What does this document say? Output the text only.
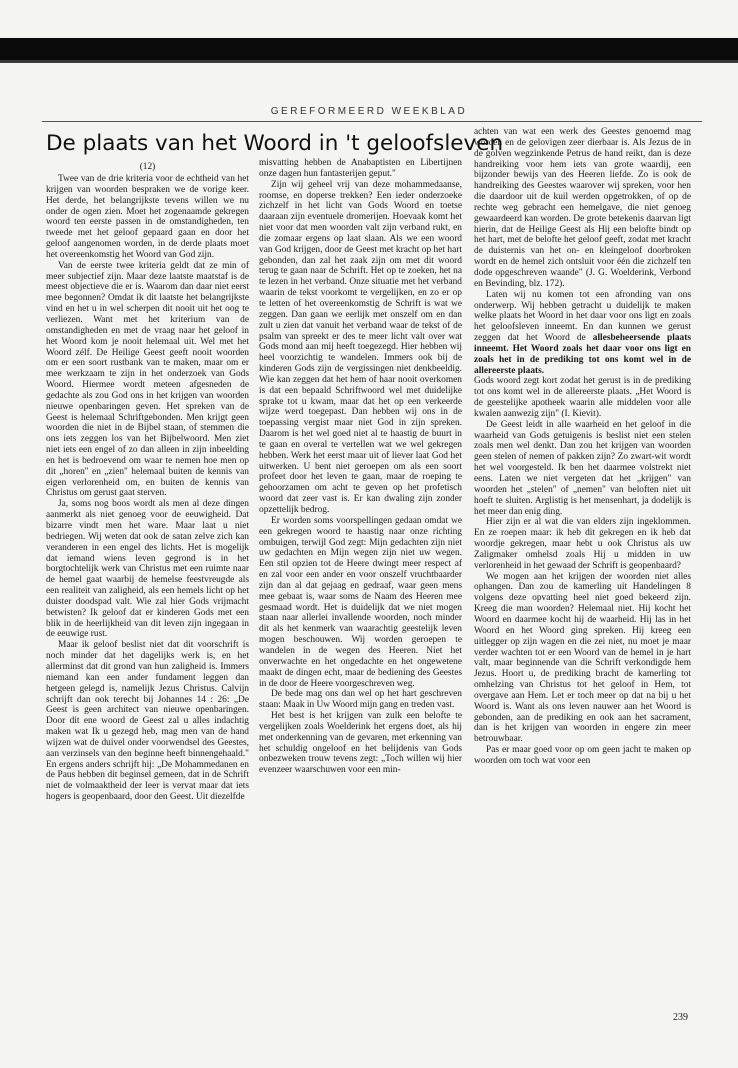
GEREFORMEERD WEEKBLAD
De plaats van het Woord in 't geloofsleven
(12)

Twee van de drie kriteria voor de echtheid van het krijgen van woorden bespraken we de vorige keer. Het derde, het belangrijkste tevens willen we nu onder de ogen zien. Moet het zogenaamde gekregen woord ten eerste passen in de omstandigheden, ten tweede met het geloof gepaard gaan en door het geloof aangenomen worden, in de derde plaats moet het overeenkomstig het Woord van God zijn.

Van de eerste twee kriteria geldt dat ze min of meer subjectief zijn. Maar deze laatste maatstaf is de meest objectieve die er is. Waarom dan daar niet eerst mee begonnen? Omdat ik dit laatste het belangrijkste vind en het u in wel scherpen dit nooit uit het oog te verliezen. Want met het kriterium van de omstandigheden en met de vraag naar het geloof in het Woord kom je nooit helemaal uit. Wel met het Woord zélf. De Heilige Geest geeft nooit woorden om er een soort rustbank van te maken, maar om er mee werkzaam te zijn in het onderzoek van Gods Woord. Hiermee wordt meteen afgesneden de gedachte als zou God ons in het krijgen van woorden nieuwe openbaringen geven. Het spreken van de Geest is helemaal Schriftgebonden. Men krijgt geen woorden die niet in de Bijbel staan, of stemmen die ons iets zeggen los van het Bijbelwoord. Men ziet niet iets een engel of zo dan alleen in zijn inbeelding en het is bedroevend om waar te nemen hoe men op dit „horen" en „zien" helemaal buiten de kennis van eigen verlorenheid om, en buiten de kennis van Christus om gerust gaat sterven.

Ja, soms nog boos wordt als men al deze dingen aanmerkt als niet genoeg voor de eeuwigheid. Dat bizarre vindt men het ware. Maar laat u niet bedriegen. Wij weten dat ook de satan zelve zich kan veranderen in een engel des lichts. Het is mogelijk dat iemand wiens leven gegrond is in het borgtochtelijk werk van Christus met een ruimte naar de hemel gaat waarbij de hemelse feestvreugde als een realiteit van zaligheid, als een hemels licht op het duister doodspad valt. Wie zal hier Gods vrijmacht betwisten? Ik geloof dat er kinderen Gods met een blik in de heerlijkheid van dit leven zijn ingegaan in de eeuwige rust.

Maar ik geloof beslist niet dat dit voorschrift is noch minder dat het dagelijks werk is, en het allerminst dat dit grond van hun zaligheid is. Immers niemand kan een ander fundament leggen dan hetgeen gelegd is, namelijk Jezus Christus. Calvijn schrijft dan ook terecht bij Johannes 14 : 26: „De Geest is geen architect van nieuwe openbaringen. Door dit ene woord de Geest zal u alles indachtig maken wat Ik u gezegd heb, mag men van de hand wijzen wat de duivel onder voorwendsel des Geestes, aan verzinsels van den beginne heeft binnengehaald." En ergens anders schrijft hij: „De Mohammedanen en de Paus hebben dit beginsel gemeen, dat in de Schrift niet de volmaaktheid der leer is vervat maar dat iets hogers is geopenbaard, door den Geest. Uit diezelfde

misvatting hebben de Anabaptisten en Libertijnen onze dagen hun fantasterijen geput."

Zijn wij geheel vrij van deze mohammedaanse, roomse, en doperse trekken? Een ieder onderzoeke zichzelf in het licht van Gods Woord en toetse daaraan zijn eventuele dromerijen. Hoevaak komt het niet voor dat men woorden valt zijn verband rukt, en die zomaar ergens op laat slaan. Als we een woord van God krijgen, door de Geest met kracht op het hart gebonden, dan zal het zaak zijn om met dit woord terug te gaan naar de Schrift. Het op te zoeken, het na te lezen in het verband. Onze situatie met het verband waarin de tekst voorkomt te vergelijken, en zo er op te letten of het overeenkomstig de Schrift is wat we zeggen. Dan gaan we eerlijk met onszelf om en dan zult u zien dat vanuit het verband waar de tekst of de psalm van spreekt er des te meer licht valt over wat Gods mond aan mij heeft toegezegd. Hier hebben wij heel voorzichtig te wandelen. Immers ook bij de kinderen Gods zijn de vergissingen niet denkbeeldig. Wie kan zeggen dat het hem of haar nooit overkomen is dat een bepaald Schriftwoord wel met duidelijke sprake tot u kwam, maar dat het op een verkeerde wijze werd toegepast. Dan hebben wij ons in de toepassing vergist maar niet God in zijn spreken. Daarom is het wel goed niet al te haastig de buurt in te gaan en overal te vertellen wat we wel gekregen hebben. Werk het eerst maar uit of liever laat God het uitwerken. U bent niet geroepen om als een soort profeet door het leven te gaan, maar de roeping te gehoorzamen om acht te geven op het profetisch woord dat zeer vast is. Er kan dwaling zijn zonder opzettelijk bedrog.

Er worden soms voorspellingen gedaan omdat we een gekregen woord te haastig naar onze richting ombuigen, terwijl God zegt: Mijn gedachten zijn niet uw gedachten en Mijn wegen zijn niet uw wegen. Een stil opzien tot de Heere dwingt meer respect af en zal voor een ander en voor onszelf vruchtbaarder zijn dan al dat gejaag en gedraaf, waar geen mens mee gebaat is, waar soms de Naam des Heeren mee gesmaad wordt. Het is duidelijk dat we niet mogen staan naar allerlei invallende woorden, noch minder dit als het kenmerk van waarachtig geestelijk leven mogen beschouwen. Wij worden geroepen te wandelen in de wegen des Heeren. Niet het onverwachte en het ongedachte en het ongewetene maakt de dingen echt, maar de bediening des Geestes in de door de Heere voorgeschreven weg.

De bede mag ons dan wel op het hart geschreven staan: Maak in Uw Woord mijn gang en treden vast.

Het best is het krijgen van zulk een belofte te vergelijken zoals Woelderink het ergens doet, als hij met onderkenning van de gevaren, met erkenning van het schuldig ongeloof en het belijdenis van Gods onbezweken trouw tevens zegt: „Toch willen wij hier evenzeer waarschuwen voor een min-

achten van wat een werk des Geestes genoemd mag worden en de gelovigen zeer dierbaar is. Als Jezus de in de golven wegzinkende Petrus de hand reikt, dan is deze handreiking voor hem iets van grote waardij, een bijzonder bewijs van des Heeren liefde. Zo is ook de handreiking des Geestes waarover wij spreken, voor hen die daardoor uit de kuil werden opgetrokken, of op de rechte weg gebracht een hemelgave, die niet genoeg gewaardeerd kan worden. De grote betekenis daarvan ligt hierin, dat de Heilige Geest als Hij een belofte bindt op het hart, met de belofte het geloof geeft, zodat met kracht de duisternis van het on- en kleingeloof doorbroken wordt en de hemel zich ontsluit voor één die zichzelf ten dode opgeschreven waande" (J. G. Woelderink, Verbond en Bevinding, blz. 172).

Laten wij nu komen tot een afronding van ons onderwerp. Wij hebben getracht u duidelijk te maken welke plaats het Woord in het daar voor ons ligt en zoals het geloofsleven inneemt. En dan kunnen we gerust zeggen dat het Woord de allesbeheersende plaats inneemt. Het Woord zoals het daar voor ons ligt en zoals het in de prediking tot ons komt wel in de allereerste plaats.

Gods woord zegt kort zodat het gerust is in de prediking tot ons komt wel in de allereerste plaats. „Het Woord is de geestelijke apotheek waarin alle middelen voor alle kwalen aanwezig zijn" (I. Kievit).

De Geest leidt in alle waarheid en het geloof in die waarheid van Gods getuigenis is beslist niet een stelen zoals men wel denkt. Dan zou het krijgen van woorden geen stelen of nemen of pakken zijn? Zo zwart-wit wordt het wel voorgesteld. Ik ben het daarmee volstrekt niet eens. Laten we niet vergeten dat het „krijgen" van woorden het „stelen" of „nemen" van beloften niet uit hoeft te sluiten. Arglistig is het mensenhart, ja dodelijk is het meer dan enig ding.

Hier zijn er al wat die van elders zijn ingeklommen. En ze roepen maar: ik heb dit gekregen en ik heb dat woordje gekregen, maar hebt u ook Christus als uw Zaligmaker omhelsd zoals Hij u midden in uw verlorenheid in het gewaad der Schrift is geopenbaard?

We mogen aan het krijgen der woorden niet alles ophangen. Dan zou de kamerling uit Handelingen 8 volgens deze opvatting heel niet goed bekeerd zijn. Kreeg die man woorden? Helemaal niet. Hij kocht het Woord en daarmee kocht hij de waarheid. Hij las in het Woord en het Woord ging spreken. Hij kreeg een uitlegger op zijn wagen en die zei niet, nu moet je maar verder wachten tot er een Woord van de hemel in je hart valt, maar beginnende van die Schrift verkondigde hem Jezus. Hoort u, de prediking bracht de kamerling tot omhelzing van Christus tot het geloof in Hem, tot overgave aan Hem. Let er toch meer op dat na bij u het Woord is. Want als ons leven nauwer aan het Woord is gebonden, aan de prediking en ook aan het sacrament, dan is het krijgen van woorden in engere zin meer betrouwbaar.

Pas er maar goed voor op om geen jacht te maken op woorden om toch wat voor een

239
